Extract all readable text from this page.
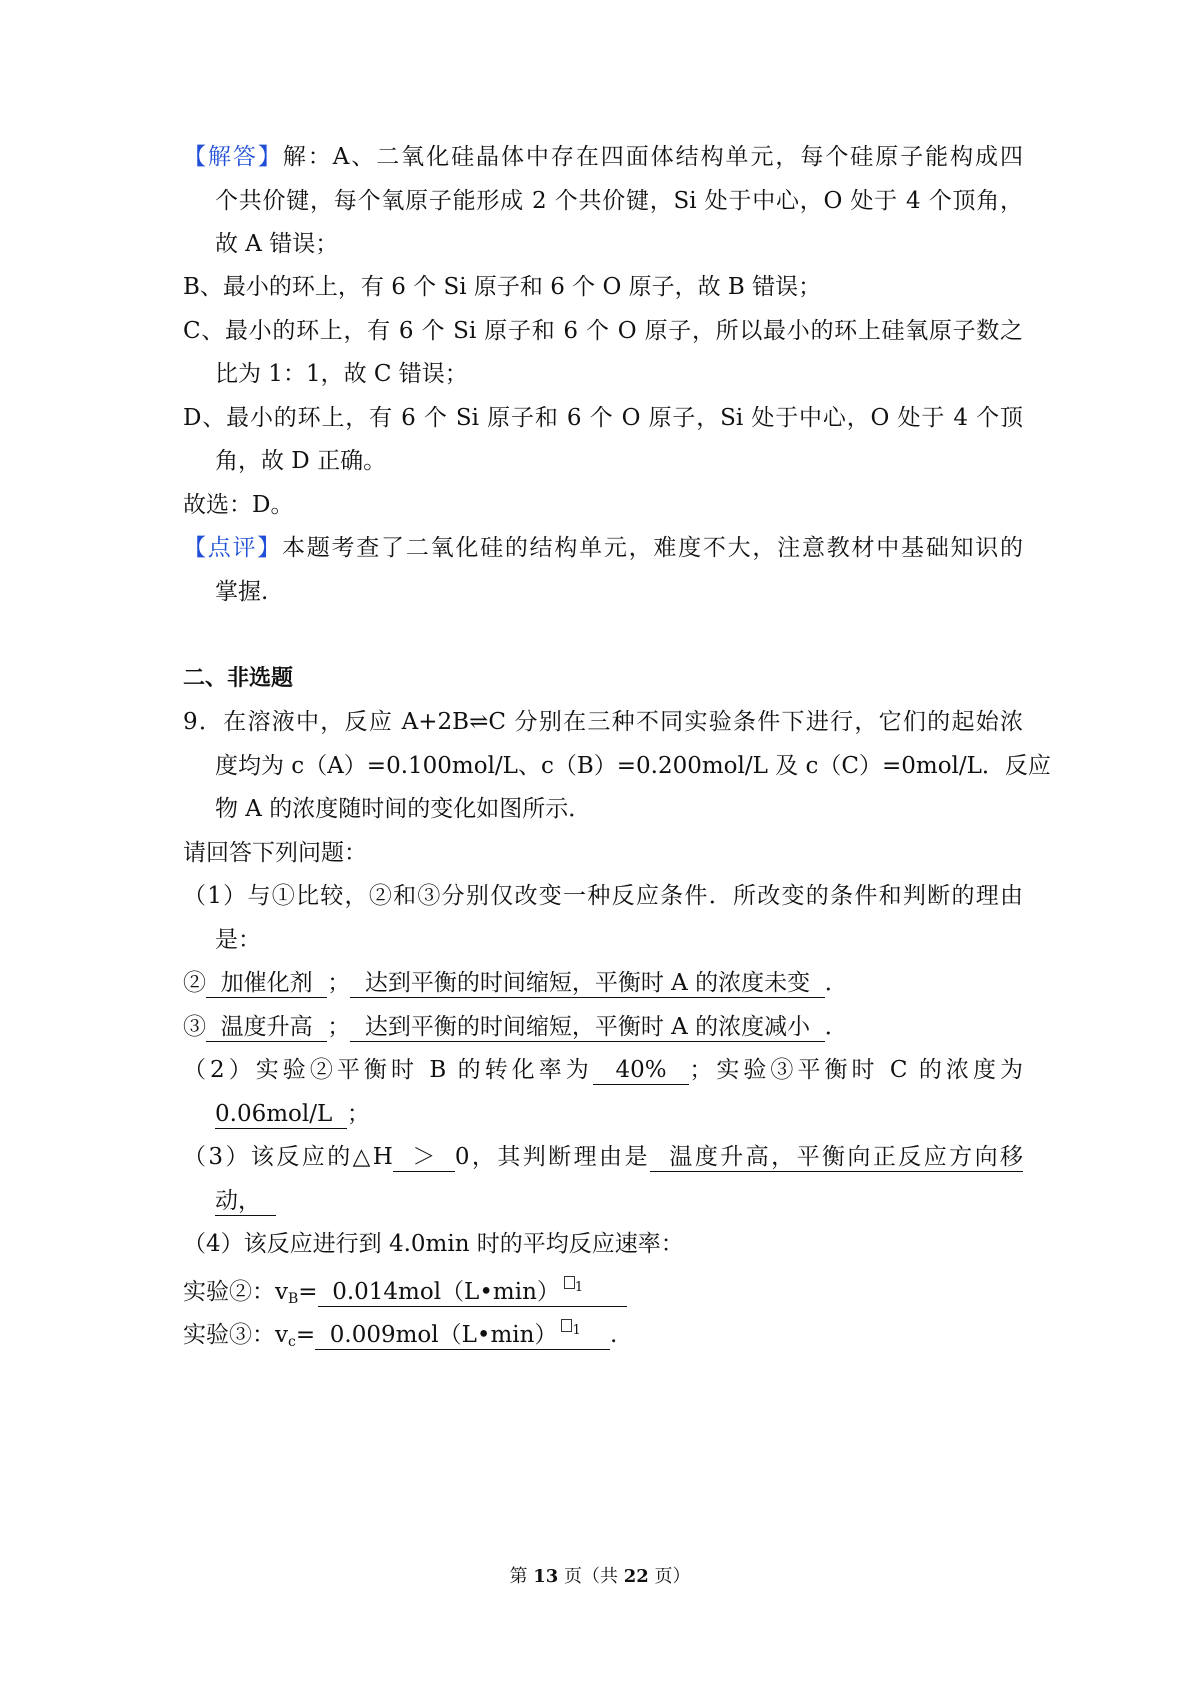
【解答】解：A、二氧化硅晶体中存在四面体结构单元，每个硅原子能构成四
个共价键，每个氧原子能形成 2 个共价键，Si 处于中心，O 处于 4 个顶角，
故 A 错误；
B、最小的环上，有 6 个 Si 原子和 6 个 O 原子，故 B 错误；
C、最小的环上，有 6 个 Si 原子和 6 个 O 原子，所以最小的环上硅氧原子数之
比为 1：1，故 C 错误；
D、最小的环上，有 6 个 Si 原子和 6 个 O 原子，Si 处于中心，O 处于 4 个顶
角，故 D 正确。
故选：D。
【点评】本题考查了二氧化硅的结构单元，难度不大，注意教材中基础知识的
掌握.
二、非选题
9．在溶液中，反应 A+2B⇌C 分别在三种不同实验条件下进行，它们的起始浓
度均为 c（A）=0.100mol/L、c（B）=0.200mol/L 及 c（C）=0mol/L．反应
物 A 的浓度随时间的变化如图所示．
请回答下列问题：
（1）与①比较，②和③分别仅改变一种反应条件．所改变的条件和判断的理由
是：
②  加催化剂  ；  达到平衡的时间缩短，平衡时 A 的浓度未变  ．
③  温度升高  ；  达到平衡的时间缩短，平衡时 A 的浓度减小  ．
（2）实验②平衡时 B 的转化率为  40%  ；实验③平衡时 C 的浓度为
0.06mol/L  ；
（3）该反应的△H  ＞  0，其判断理由是  温度升高，平衡向正反应方向移
动，
（4）该反应进行到 4.0min 时的平均反应速率：
实验②：$v_B=$  0.014mol（L•min） $^1$
实验③：$v_c=$  0.009mol（L•min） $^1$ .
第 13 页（共 22 页）
